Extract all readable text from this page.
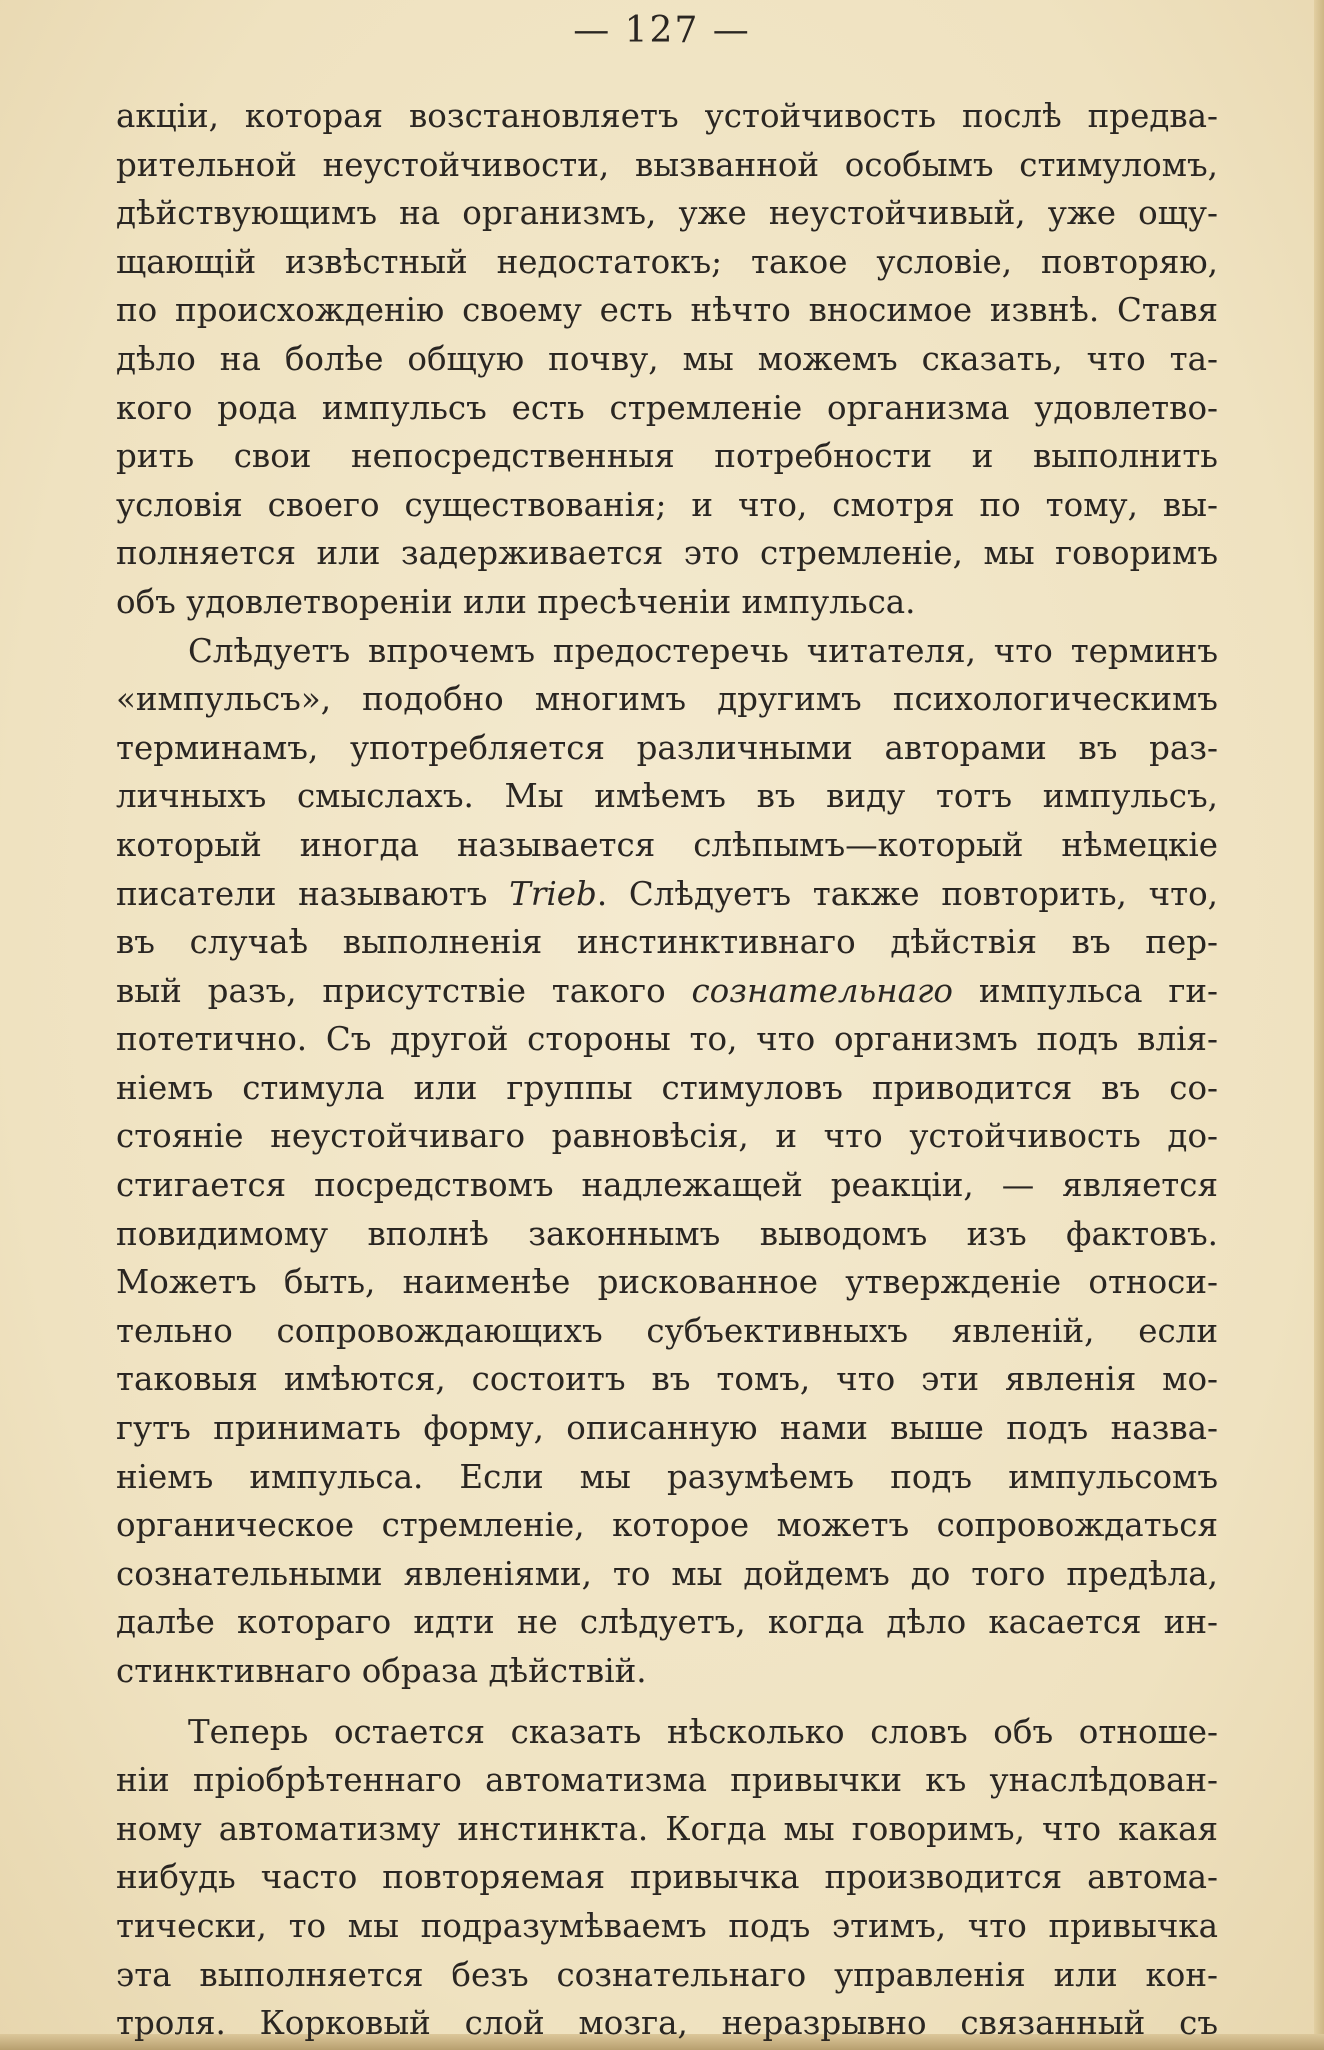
— 127 —
акціи, которая возстановляетъ устойчивость послѣ предва-
рительной неустойчивости, вызванной особымъ стимуломъ,
дѣйствующимъ на организмъ, уже неустойчивый, уже ощу-
щающій извѣстный недостатокъ; такое условіе, повторяю,
по происхожденію своему есть нѣчто вносимое извнѣ. Ставя
дѣло на болѣе общую почву, мы можемъ сказать, что та-
кого рода импульсъ есть стремленіе организма удовлетво-
рить свои непосредственныя потребности и выполнить
условія своего существованія; и что, смотря по тому, вы-
полняется или задерживается это стремленіе, мы говоримъ
объ удовлетвореніи или пресѣченіи импульса.
Слѣдуетъ впрочемъ предостеречь читателя, что терминъ
«импульсъ», подобно многимъ другимъ психологическимъ
терминамъ, употребляется различными авторами въ раз-
личныхъ смыслахъ. Мы имѣемъ въ виду тотъ импульсъ,
который иногда называется слѣпымъ—который нѣмецкіе
писатели называютъ Trieb. Слѣдуетъ также повторить, что,
въ случаѣ выполненія инстинктивнаго дѣйствія въ пер-
вый разъ, присутствіе такого сознательнаго импульса ги-
потетично. Съ другой стороны то, что организмъ подъ влія-
ніемъ стимула или группы стимуловъ приводится въ со-
стояніе неустойчиваго равновѣсія, и что устойчивость до-
стигается посредствомъ надлежащей реакціи, — является
повидимому вполнѣ законнымъ выводомъ изъ фактовъ.
Можетъ быть, наименѣе рискованное утвержденіе относи-
тельно сопровождающихъ субъективныхъ явленій, если
таковыя имѣются, состоитъ въ томъ, что эти явленія мо-
гутъ принимать форму, описанную нами выше подъ назва-
ніемъ импульса. Если мы разумѣемъ подъ импульсомъ
органическое стремленіе, которое можетъ сопровождаться
сознательными явленіями, то мы дойдемъ до того предѣла,
далѣе котораго идти не слѣдуетъ, когда дѣло касается ин-
стинктивнаго образа дѣйствій.
Теперь остается сказать нѣсколько словъ объ отноше-
ніи пріобрѣтеннаго автоматизма привычки къ унаслѣдован-
ному автоматизму инстинкта. Когда мы говоримъ, что какая
нибудь часто повторяемая привычка производится автома-
тически, то мы подразумѣваемъ подъ этимъ, что привычка
эта выполняется безъ сознательнаго управленія или кон-
троля. Корковый слой мозга, неразрывно связанный съ
